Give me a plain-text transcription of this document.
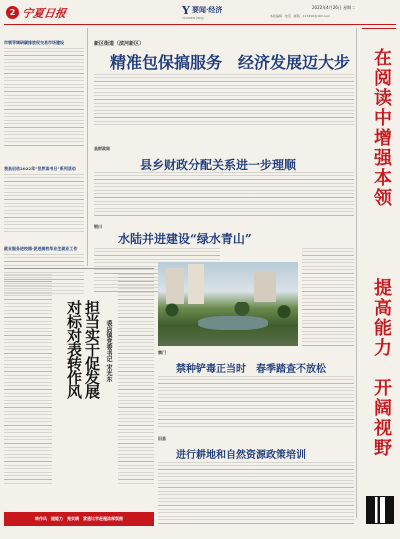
2 宁夏日报	Y 要闻·经济
YAOWEN JINGJI
2022年4月26日 星期二
本版编辑 · 电话 · 邮箱 · 123456@163.com
市领导调研碳排放权交易市场建设
我县启动2022年“世界读书日”系列活动
就业服务进校园·促进高校毕业生就业工作
新区街道（滨河新区）
精准包保搞服务　经济发展迈大步
县财政局
县乡财政分配关系进一步理顺
银川
水陆并进建设“绿水青山”
在阅读中增强本领
提高能力　开阔视野
担当实干促发展
对标对表转作风	裘店镇党委书记 宋光东
转作风　提能力　亮实绩　营造比学赶超浓厚氛围
禁门
禁种铲毒正当时　春季踏查不放松
旧县
进行耕地和自然资源政策培训
